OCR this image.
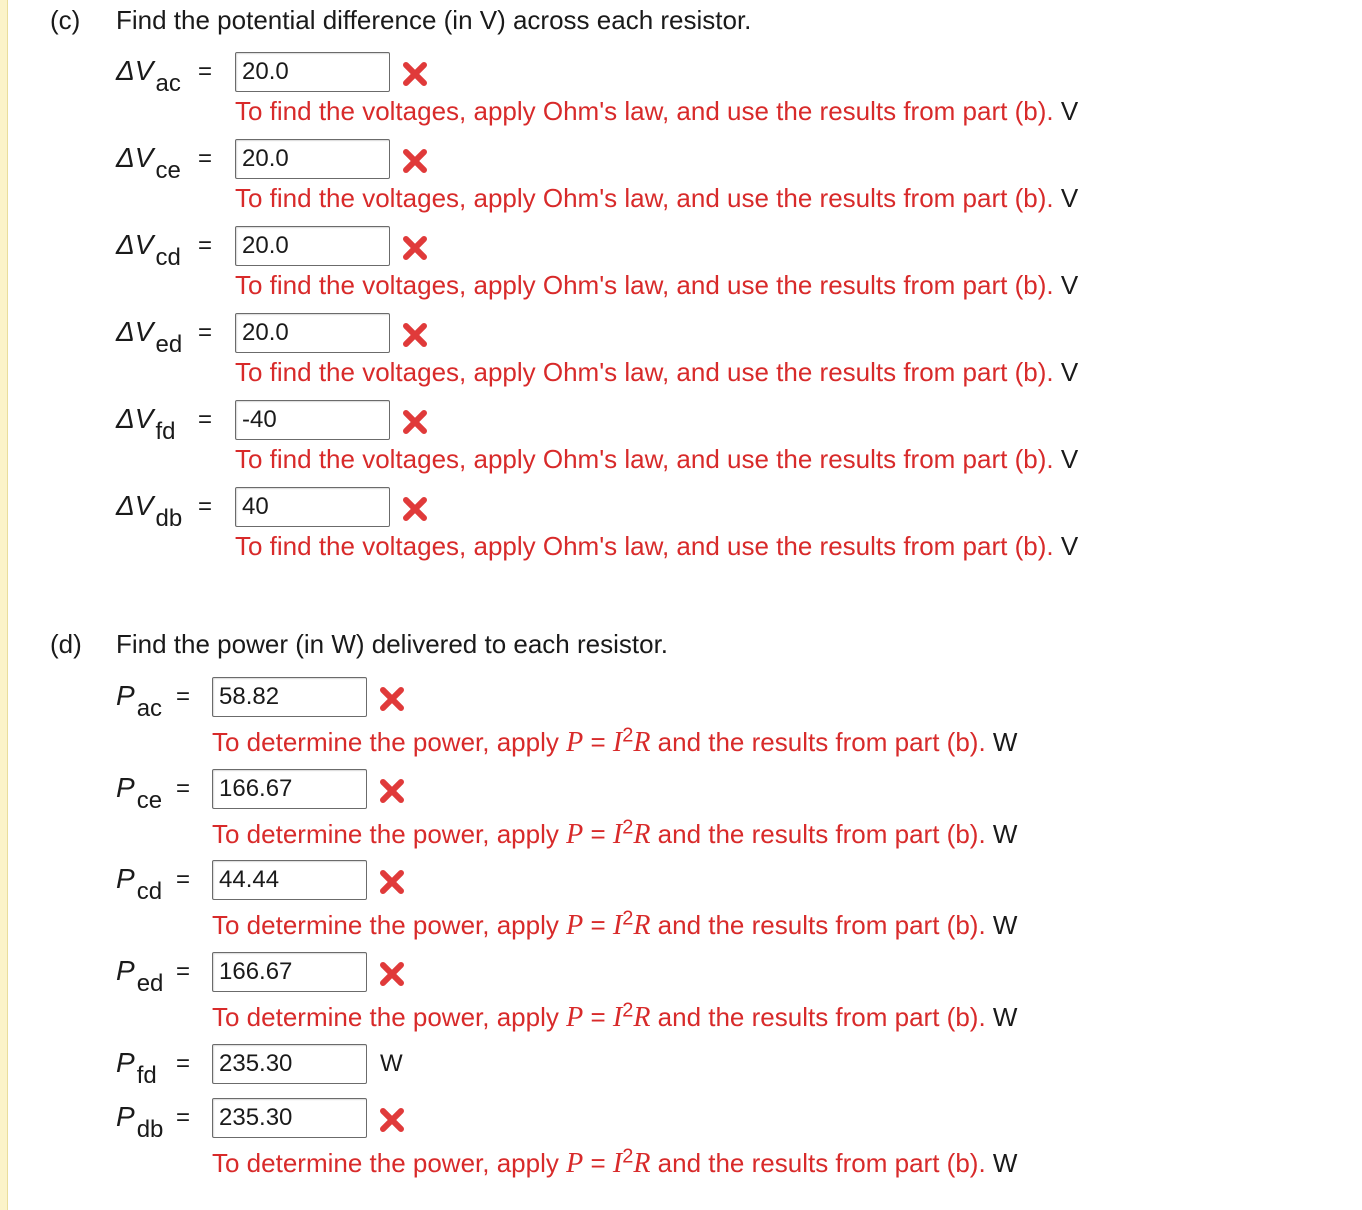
(c) Find the potential difference (in V) across each resistor.
ΔVac =
20.0
To find the voltages, apply Ohm's law, and use the results from part (b). V
ΔVce =
20.0
To find the voltages, apply Ohm's law, and use the results from part (b). V
ΔVcd =
20.0
To find the voltages, apply Ohm's law, and use the results from part (b). V
ΔVed =
20.0
To find the voltages, apply Ohm's law, and use the results from part (b). V
ΔVfd =
-40
To find the voltages, apply Ohm's law, and use the results from part (b). V
ΔVdb =
40
To find the voltages, apply Ohm's law, and use the results from part (b). V
(d) Find the power (in W) delivered to each resistor.
Pac =
58.82
To determine the power, apply $P = I^2R$ and the results from part (b). W
Pce =
166.67
To determine the power, apply $P = I^2R$ and the results from part (b). W
Pcd =
44.44
To determine the power, apply $P = I^2R$ and the results from part (b). W
Ped =
166.67
To determine the power, apply $P = I^2R$ and the results from part (b). W
Pfd =
235.30	W
Pdb =
235.30
To determine the power, apply $P = I^2R$ and the results from part (b). W
